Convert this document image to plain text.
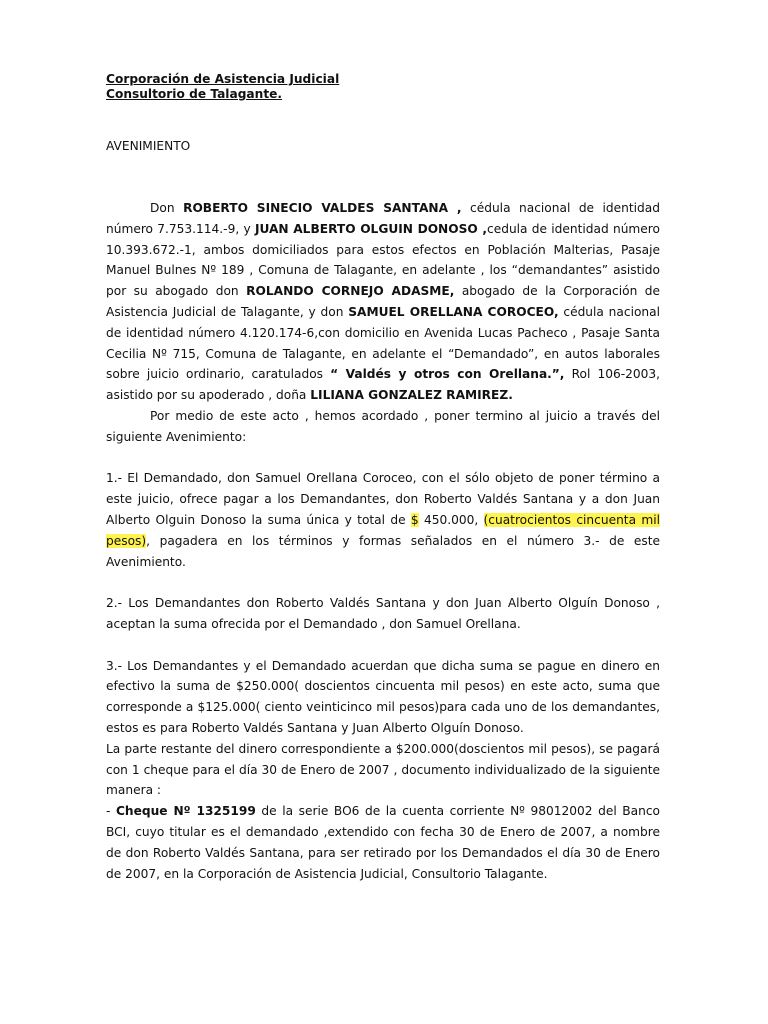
Corporación de Asistencia Judicial
Consultorio de Talagante.
AVENIMIENTO

Don ROBERTO SINECIO VALDES SANTANA , cédula nacional de identidad número 7.753.114.-9, y JUAN ALBERTO OLGUIN DONOSO ,cedula de identidad número 10.393.672.-1, ambos domiciliados para estos efectos en Población Malterias, Pasaje Manuel Bulnes Nº 189 , Comuna de Talagante, en adelante , los “demandantes” asistido por su abogado don ROLANDO CORNEJO ADASME, abogado de la Corporación de Asistencia Judicial de Talagante, y don SAMUEL ORELLANA COROCEO, cédula nacional de identidad número 4.120.174-6,con domicilio en Avenida Lucas Pacheco , Pasaje Santa Cecilia Nº 715, Comuna de Talagante, en adelante el “Demandado”, en autos laborales sobre juicio ordinario, caratulados “ Valdés y otros con Orellana.”, Rol 106-2003, asistido por su apoderado , doña LILIANA GONZALEZ RAMIREZ.

Por medio de este acto , hemos acordado , poner termino al juicio a través del siguiente Avenimiento:

1.- El Demandado, don Samuel Orellana Coroceo, con el sólo objeto de poner término a este juicio, ofrece pagar a los Demandantes, don Roberto Valdés Santana y a don Juan Alberto Olguin Donoso la suma única y total de $ 450.000, (cuatrocientos cincuenta mil pesos), pagadera en los términos y formas señalados en el número 3.- de este Avenimiento.

2.- Los Demandantes don Roberto Valdés Santana y don Juan Alberto Olguín Donoso , aceptan la suma ofrecida por el Demandado , don Samuel Orellana.

3.- Los Demandantes y el Demandado acuerdan que dicha suma se pague en dinero en efectivo la suma de $250.000( doscientos cincuenta mil pesos) en este acto, suma que corresponde a $125.000( ciento veinticinco mil pesos)para cada uno de los demandantes, estos es para Roberto Valdés Santana y Juan Alberto Olguín Donoso.

La parte restante del dinero correspondiente a $200.000(doscientos mil pesos), se pagará con 1 cheque para el día 30 de Enero de 2007 , documento individualizado de la siguiente manera :

- Cheque Nº 1325199 de la serie BO6 de la cuenta corriente Nº 98012002 del Banco BCI, cuyo titular es el demandado ,extendido con fecha 30 de Enero de 2007, a nombre de don Roberto Valdés Santana, para ser retirado por los Demandados el día 30 de Enero de 2007, en la Corporación de Asistencia Judicial, Consultorio Talagante.
